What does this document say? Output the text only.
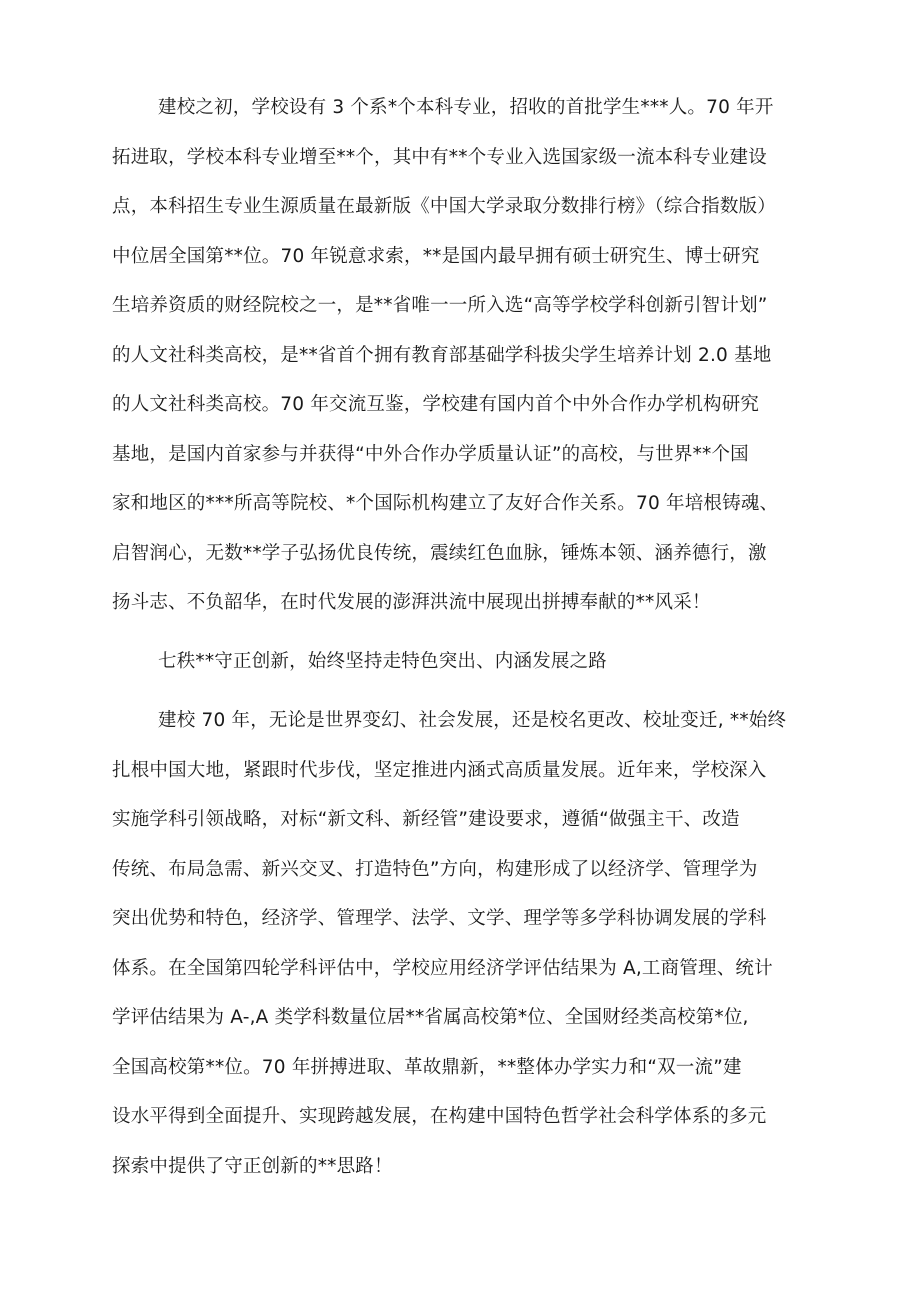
建校之初，学校设有 3 个系*个本科专业，招收的首批学生***人。70 年开
拓进取，学校本科专业增至**个，其中有**个专业入选国家级一流本科专业建设
点，本科招生专业生源质量在最新版《中国大学录取分数排行榜》（综合指数版）
中位居全国第**位。70 年锐意求索，**是国内最早拥有硕士研究生、博士研究
生培养资质的财经院校之一，是**省唯一一所入选“高等学校学科创新引智计划”
的人文社科类高校，是**省首个拥有教育部基础学科拔尖学生培养计划 2.0 基地
的人文社科类高校。70 年交流互鉴，学校建有国内首个中外合作办学机构研究
基地，是国内首家参与并获得“中外合作办学质量认证”的高校，与世界**个国
家和地区的***所高等院校、*个国际机构建立了友好合作关系。70 年培根铸魂、
启智润心，无数**学子弘扬优良传统，震续红色血脉，锤炼本领、涵养德行，激
扬斗志、不负韶华，在时代发展的澎湃洪流中展现出拼搏奉献的**风采！
七秩**守正创新，始终坚持走特色突出、内涵发展之路
建校 70 年，无论是世界变幻、社会发展，还是校名更改、校址变迁, **始终
扎根中国大地，紧跟时代步伐，坚定推进内涵式高质量发展。近年来，学校深入
实施学科引领战略，对标“新文科、新经管”建设要求，遵循“做强主干、改造
传统、布局急需、新兴交叉、打造特色”方向，构建形成了以经济学、管理学为
突出优势和特色，经济学、管理学、法学、文学、理学等多学科协调发展的学科
体系。在全国第四轮学科评估中，学校应用经济学评估结果为 A,工商管理、统计
学评估结果为 A-,A 类学科数量位居**省属高校第*位、全国财经类高校第*位,
全国高校第**位。70 年拼搏进取、革故鼎新，**整体办学实力和“双一流”建
设水平得到全面提升、实现跨越发展，在构建中国特色哲学社会科学体系的多元
探索中提供了守正创新的**思路！
